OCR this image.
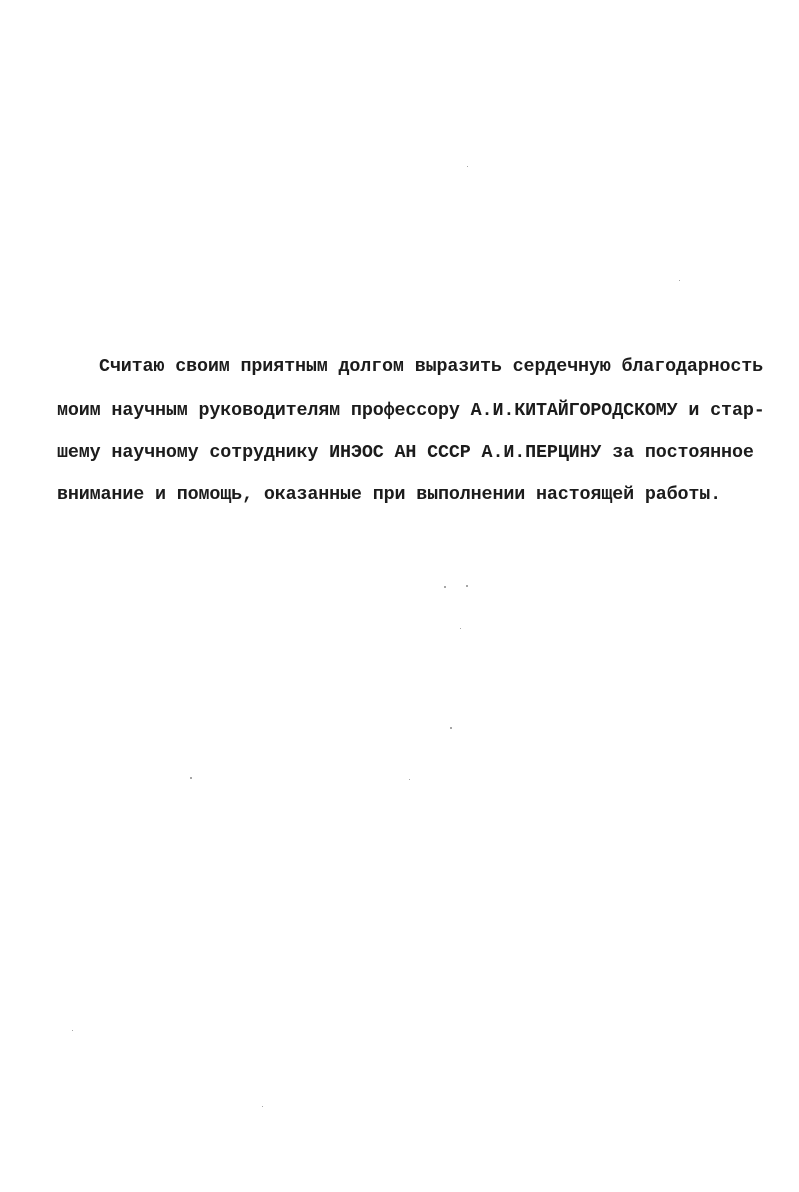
Считаю своим приятным долгом выразить сердечную благодарность
моим научным руководителям профессору А.И.КИТАЙГОРОДСКОМУ и стар-
шему научному сотруднику ИНЭОС АН СССР А.И.ПЕРЦИНУ за постоянное
внимание и помощь, оказанные при выполнении настоящей работы.
